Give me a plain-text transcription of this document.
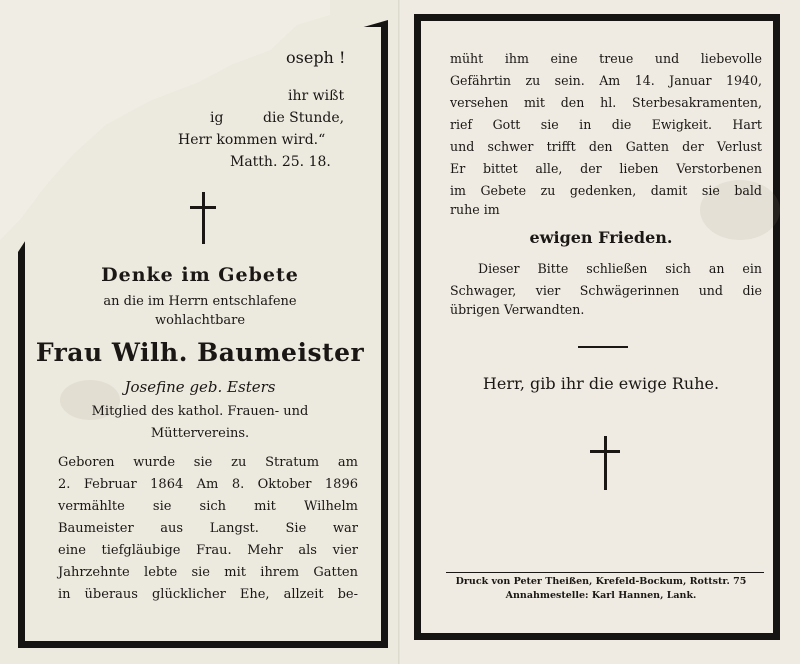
oseph !
ihr wißt
ig	die Stunde,
Herr kommen wird.“
Matth. 25. 18.
Denke im Gebete
an die im Herrn entschlafene
wohlachtbare
Frau Wilh. Baumeister
Josefine geb. Esters
Mitglied des kathol. Frauen- und
Müttervereins.
Geboren wurde sie zu Stratum am
2. Februar 1864 Am 8. Oktober 1896
vermählte sie sich mit Wilhelm
Baumeister aus Langst. Sie war
eine tiefgläubige Frau. Mehr als vier
Jahrzehnte lebte sie mit ihrem Gatten
in überaus glücklicher Ehe, allzeit be-
müht ihm eine treue und liebevolle
Gefährtin zu sein. Am 14. Januar 1940,
versehen mit den hl. Sterbesakramenten,
rief Gott sie in die Ewigkeit. Hart
und schwer trifft den Gatten der Verlust
Er bittet alle, der lieben Verstorbenen
im Gebete zu gedenken, damit sie bald
ruhe im
ewigen Frieden.
Dieser Bitte schließen sich an ein
Schwager, vier Schwägerinnen und die
übrigen Verwandten.
Herr, gib ihr die ewige Ruhe.
Druck von Peter Theißen, Krefeld-Bockum, Rottstr. 75
Annahmestelle: Karl Hannen, Lank.
